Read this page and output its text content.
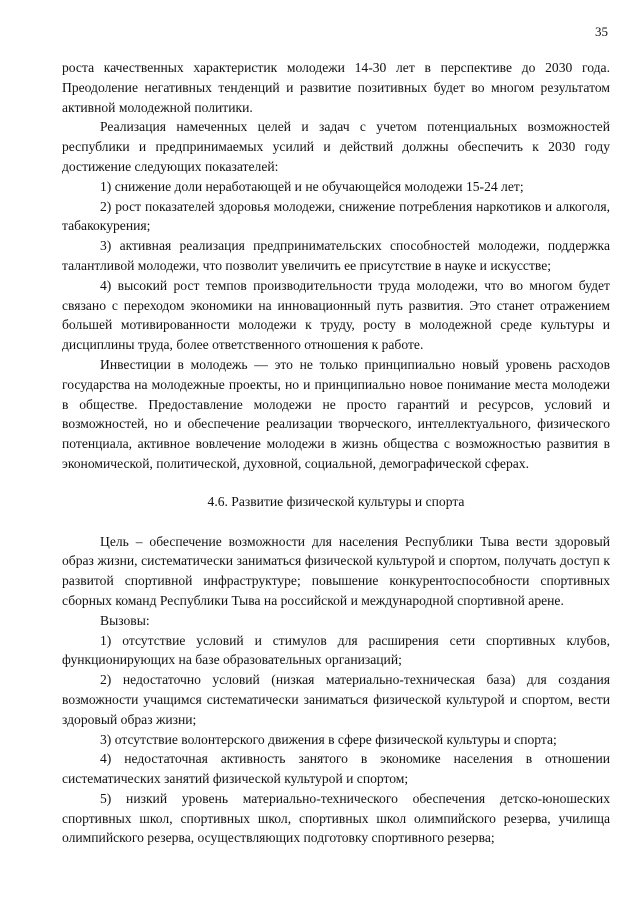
35

роста качественных характеристик молодежи 14-30 лет в перспективе до 2030 года. Преодоление негативных тенденций и развитие позитивных будет во многом результатом активной молодежной политики.

Реализация намеченных целей и задач с учетом потенциальных возможностей республики и предпринимаемых усилий и действий должны обеспечить к 2030 году достижение следующих показателей:

1) снижение доли неработающей и не обучающейся молодежи 15-24 лет;

2) рост показателей здоровья молодежи, снижение потребления наркотиков и алкоголя, табакокурения;

3) активная реализация предпринимательских способностей молодежи, поддержка талантливой молодежи, что позволит увеличить ее присутствие в науке и искусстве;

4) высокий рост темпов производительности труда молодежи, что во многом будет связано с переходом экономики на инновационный путь развития. Это станет отражением большей мотивированности молодежи к труду, росту в молодежной среде культуры и дисциплины труда, более ответственного отношения к работе.

Инвестиции в молодежь — это не только принципиально новый уровень расходов государства на молодежные проекты, но и принципиально новое понимание места молодежи в обществе. Предоставление молодежи не просто гарантий и ресурсов, условий и возможностей, но и обеспечение реализации творческого, интеллектуального, физического потенциала, активное вовлечение молодежи в жизнь общества с возможностью развития в экономической, политической, духовной, социальной, демографической сферах.

4.6. Развитие физической культуры и спорта

Цель – обеспечение возможности для населения Республики Тыва вести здоровый образ жизни, систематически заниматься физической культурой и спортом, получать доступ к развитой спортивной инфраструктуре; повышение конкурентоспособности спортивных сборных команд Республики Тыва на российской и международной спортивной арене.

Вызовы:

1) отсутствие условий и стимулов для расширения сети спортивных клубов, функционирующих на базе образовательных организаций;

2) недостаточно условий (низкая материально-техническая база) для создания возможности учащимся систематически заниматься физической культурой и спортом, вести здоровый образ жизни;

3) отсутствие волонтерского движения в сфере физической культуры и спорта;

4) недостаточная активность занятого в экономике населения в отношении систематических занятий физической культурой и спортом;

5) низкий уровень материально-технического обеспечения детско-юношеских спортивных школ, спортивных школ, спортивных школ олимпийского резерва, училища олимпийского резерва, осуществляющих подготовку спортивного резерва;
